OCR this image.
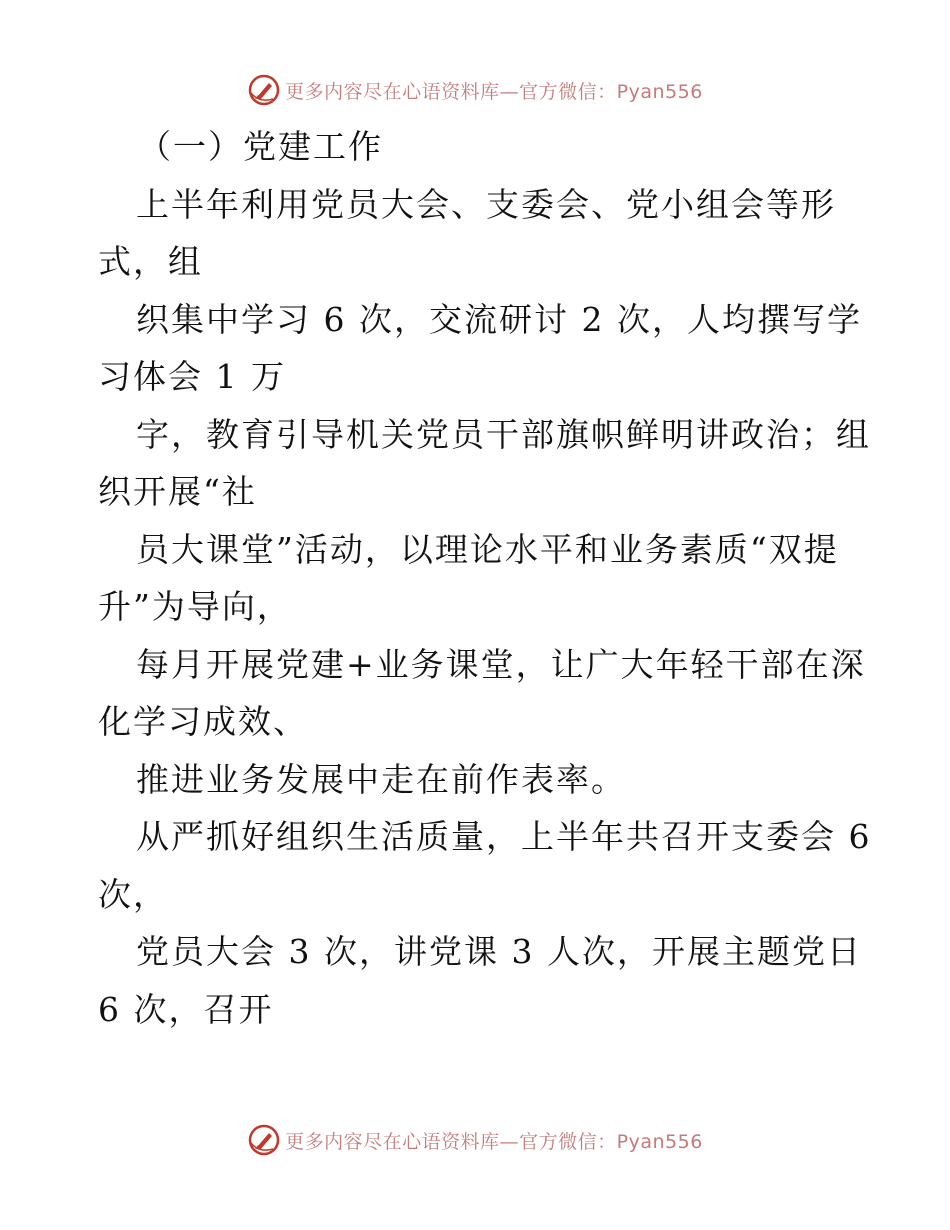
更多内容尽在心语资料库—官方微信：Pyan556
（一）党建工作
上半年利用党员大会、支委会、党小组会等形
式，组
织集中学习 6 次，交流研讨 2 次，人均撰写学
习体会 1 万
字，教育引导机关党员干部旗帜鲜明讲政治；组
织开展“社
员大课堂”活动，以理论水平和业务素质“双提
升”为导向，
每月开展党建+业务课堂，让广大年轻干部在深
化学习成效、
推进业务发展中走在前作表率。
从严抓好组织生活质量，上半年共召开支委会 6
次，
党员大会 3 次，讲党课 3 人次，开展主题党日
6 次，召开
更多内容尽在心语资料库—官方微信：Pyan556
